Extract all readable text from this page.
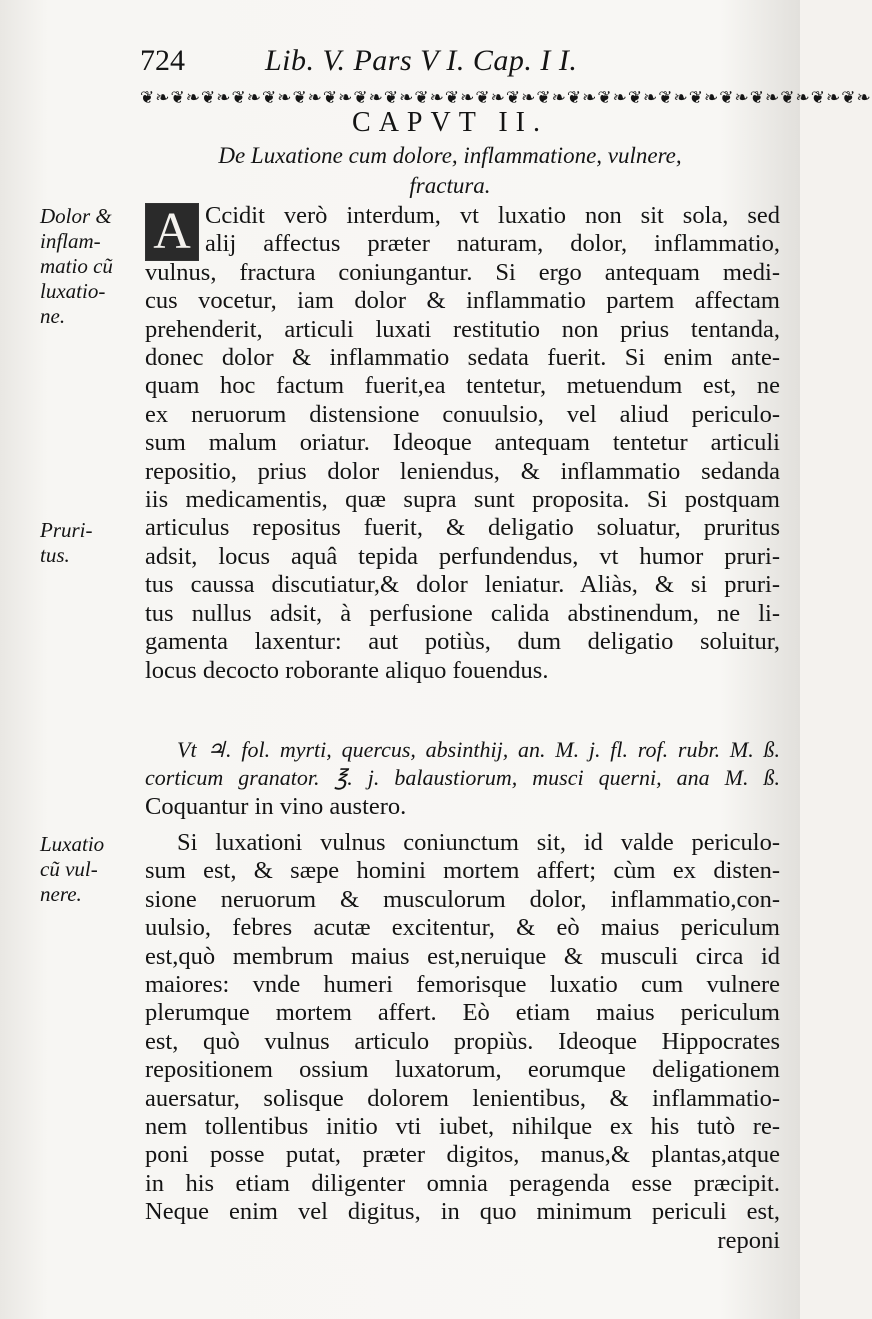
724	Lib. V. Pars V I. Cap. I I.
❦❧❦❧❦❧❦❧❦❧❦❧❦❧❦❧❦❧❦❧❦❧❦❧❦❧❦❧❦❧❦❧❦❧❦❧❦❧❦❧❦❧❦❧❦❧❦❧
CAPVT II.
De Luxatione cum dolore, inflammatione, vulnere,
fractura.
Dolor &
inflam-
matio cũ
luxatio-
ne.
Pruri-
tus.
Luxatio
cũ vul-
nere.
A Ccidit verò interdum, vt luxatio non sit sola, sed
alij affectus præter naturam, dolor, inflammatio,
vulnus, fractura coniungantur. Si ergo antequam medi-
cus vocetur, iam dolor & inflammatio partem affectam
prehenderit, articuli luxati restitutio non prius tentanda,
donec dolor & inflammatio sedata fuerit. Si enim ante-
quam hoc factum fuerit,ea tentetur, metuendum est, ne
ex neruorum distensione conuulsio, vel aliud periculo-
sum malum oriatur. Ideoque antequam tentetur articuli
repositio, prius dolor leniendus, & inflammatio sedanda
iis medicamentis, quæ supra sunt proposita. Si postquam
articulus repositus fuerit, & deligatio soluatur, pruritus
adsit, locus aquâ tepida perfundendus, vt humor pruri-
tus caussa discutiatur,& dolor leniatur. Aliàs, & si pruri-
tus nullus adsit, à perfusione calida abstinendum, ne li-
gamenta laxentur: aut potiùs, dum deligatio soluitur,
locus decocto roborante aliquo fouendus.
Vt ♃. fol. myrti, quercus, absinthij, an. M. j. fl. rof. rubr. M. ß.
corticum granator. ℥. j. balaustiorum, musci querni, ana M. ß.
Coquantur in vino austero.
Si luxationi vulnus coniunctum sit, id valde periculo-
sum est, & sæpe homini mortem affert; cùm ex disten-
sione neruorum & musculorum dolor, inflammatio,con-
uulsio, febres acutæ excitentur, & eò maius periculum
est,quò membrum maius est,neruique & musculi circa id
maiores: vnde humeri femorisque luxatio cum vulnere
plerumque mortem affert. Eò etiam maius periculum
est, quò vulnus articulo propiùs. Ideoque Hippocrates
repositionem ossium luxatorum, eorumque deligationem
auersatur, solisque dolorem lenientibus, & inflammatio-
nem tollentibus initio vti iubet, nihilque ex his tutò re-
poni posse putat, præter digitos, manus,& plantas,atque
in his etiam diligenter omnia peragenda esse præcipit.
Neque enim vel digitus, in quo minimum periculi est,
reponi
